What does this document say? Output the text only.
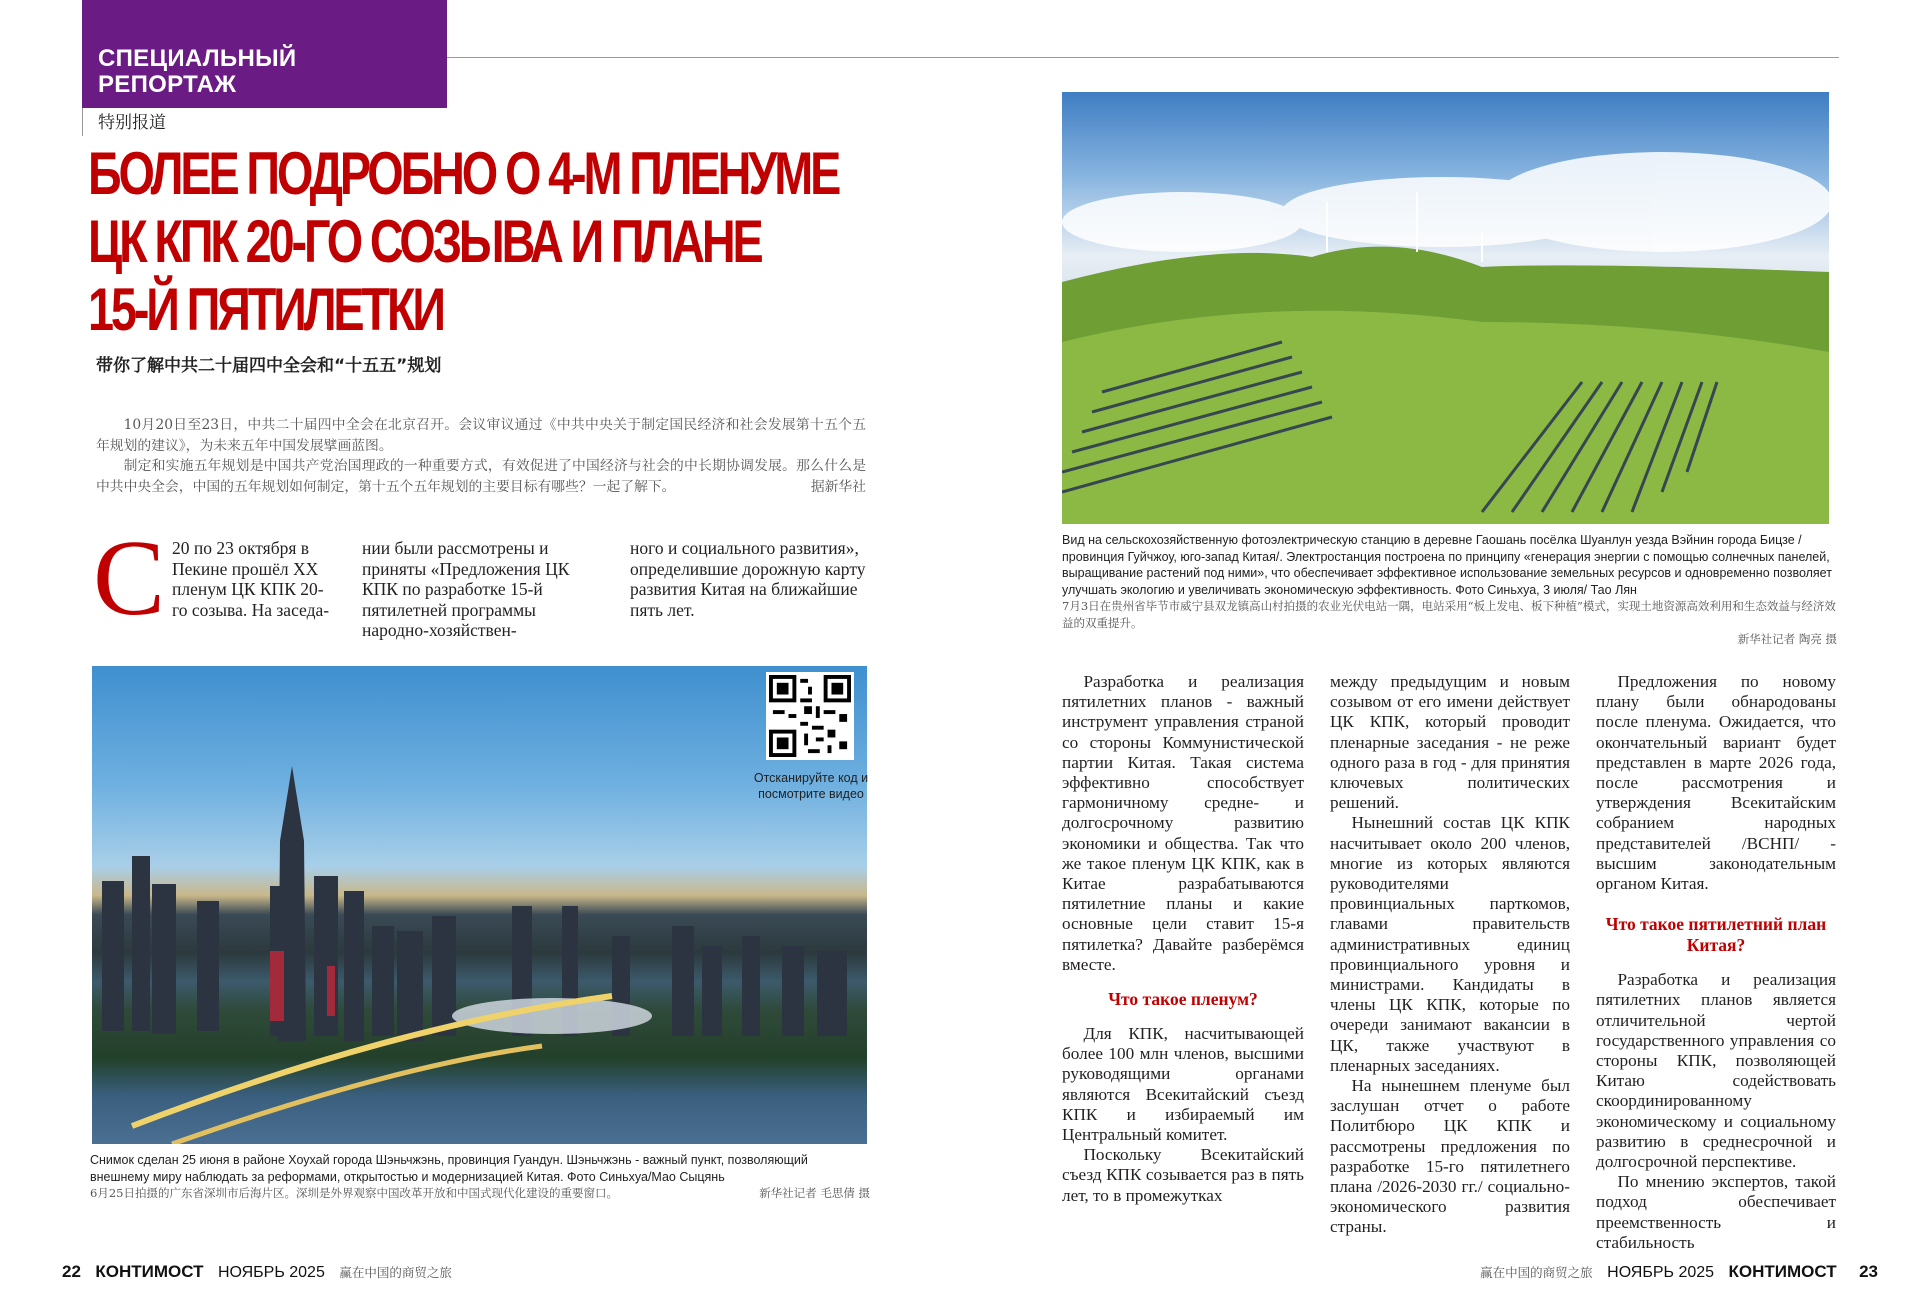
СПЕЦИАЛЬНЫЙ
РЕПОРТАЖ
特别报道
БОЛЕЕ ПОДРОБНО О 4-М ПЛЕНУМЕ
ЦК КПК 20-ГО СОЗЫВА И ПЛАНЕ
15-Й ПЯТИЛЕТКИ
带你了解中共二十届四中全会和“十五五”规划

10月20日至23日，中共二十届四中全会在北京召开。会议审议通过《中共中央关于制定国民经济和社会发展第十五个五年规划的建议》，为未来五年中国发展擘画蓝图。

制定和实施五年规划是中国共产党治国理政的一种重要方式，有效促进了中国经济与社会的中长期协调发展。那么什么是中共中央全会，中国的五年规划如何制定，第十五个五年规划的主要目标有哪些？一起了解下。	据新华社

С 20 по 23 октября в Пекине прошёл XX пленум ЦК КПК 20-го созыва. На заседа-
нии были рассмотрены и приняты «Предложения ЦК КПК по разработке 15-й пятилетней программы народно-хозяйствен-
ного и социального развития», определившие дорожную карту развития Китая на ближайшие пять лет.
Отсканируйте код и посмотрите видео
Снимок сделан 25 июня в районе Хоухай города Шэньчжэнь, провинция Гуандун. Шэньчжэнь - важный пункт, позволяющий внешнему миру наблюдать за реформами, открытостью и модернизацией Китая. Фото Синьхуа/Мао Сыцянь
6月25日拍摄的广东省深圳市后海片区。深圳是外界观察中国改革开放和中国式现代化建设的重要窗口。	新华社记者 毛思倩 摄
Вид на сельскохозяйственную фотоэлектрическую станцию в деревне Гаошань посёлка Шуанлун уезда Вэйнин города Бицзе /провинция Гуйчжоу, юго-запад Китая/. Электростанция построена по принципу «генерация энергии с помощью солнечных панелей, выращивание растений под ними», что обеспечивает эффективное использование земельных ресурсов и одновременно позволяет улучшать экологию и увеличивать экономическую эффективность. Фото Синьхуа, 3 июля/ Тао Лян
7月3日在贵州省毕节市威宁县双龙镇高山村拍摄的农业光伏电站一隅，电站采用“板上发电、板下种植”模式，实现土地资源高效利用和生态效益与经济效益的双重提升。
新华社记者 陶亮 摄

Разработка и реализация пятилетних планов - важный инструмент управления страной со стороны Коммунистической партии Китая. Такая система эффективно способствует гармоничному средне- и долгосрочному развитию экономики и общества. Так что же такое пленум ЦК КПК, как в Китае разрабатываются пятилетние планы и какие основные цели ставит 15-я пятилетка? Давайте разберёмся вместе.

Что такое пленум?

Для КПК, насчитывающей более 100 млн членов, высшими руководящими органами являются Всекитайский съезд КПК и избираемый им Центральный комитет.

Поскольку Всекитайский съезд КПК созывается раз в пять лет, то в промежутках

между предыдущим и новым созывом от его имени действует ЦК КПК, который проводит пленарные заседания - не реже одного раза в год - для принятия ключевых политических решений.

Нынешний состав ЦК КПК насчитывает около 200 членов, многие из которых являются руководителями провинциальных парткомов, главами правительств административных единиц провинциального уровня и министрами. Кандидаты в члены ЦК КПК, которые по очереди занимают вакансии в ЦК, также участвуют в пленарных заседаниях.

На нынешнем пленуме был заслушан отчет о работе Политбюро ЦК КПК и рассмотрены предложения по разработке 15-го пятилетнего плана /2026-2030 гг./ социально-экономического развития страны.

Предложения по новому плану были обнародованы после пленума. Ожидается, что окончательный вариант будет представлен в марте 2026 года, после рассмотрения и утверждения Всекитайским собранием народных представителей /ВСНП/ - высшим законодательным органом Китая.

Что такое пятилетний план Китая?

Разработка и реализация пятилетних планов является отличительной чертой государственного управления со стороны КПК, позволяющей Китаю содействовать скоординированному экономическому и социальному развитию в среднесрочной и долгосрочной перспективе.

По мнению экспертов, такой подход обеспечивает преемственность и стабильность

22 КОНТИМОСТ НОЯБРЬ 2025 赢在中国的商贸之旅	赢在中国的商贸之旅 НОЯБРЬ 2025 КОНТИМОСТ 23
